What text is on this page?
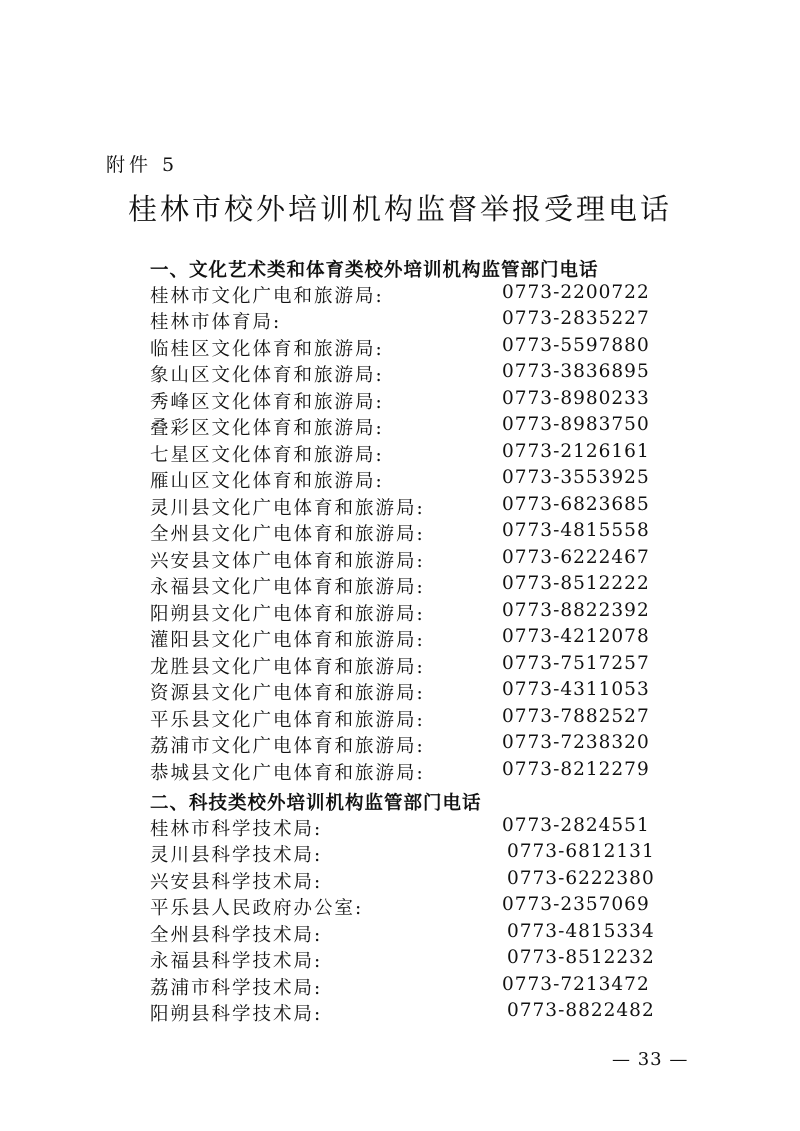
附件 5
桂林市校外培训机构监督举报受理电话
一、文化艺术类和体育类校外培训机构监管部门电话
桂林市文化广电和旅游局:	0773-2200722
桂林市体育局:	0773-2835227
临桂区文化体育和旅游局:	0773-5597880
象山区文化体育和旅游局:	0773-3836895
秀峰区文化体育和旅游局:	0773-8980233
叠彩区文化体育和旅游局:	0773-8983750
七星区文化体育和旅游局:	0773-2126161
雁山区文化体育和旅游局:	0773-3553925
灵川县文化广电体育和旅游局:	0773-6823685
全州县文化广电体育和旅游局:	0773-4815558
兴安县文体广电体育和旅游局:	0773-6222467
永福县文化广电体育和旅游局:	0773-8512222
阳朔县文化广电体育和旅游局:	0773-8822392
灌阳县文化广电体育和旅游局:	0773-4212078
龙胜县文化广电体育和旅游局:	0773-7517257
资源县文化广电体育和旅游局:	0773-4311053
平乐县文化广电体育和旅游局:	0773-7882527
荔浦市文化广电体育和旅游局:	0773-7238320
恭城县文化广电体育和旅游局:	0773-8212279
二、科技类校外培训机构监管部门电话
桂林市科学技术局:	0773-2824551
灵川县科学技术局:	0773-6812131
兴安县科学技术局:	0773-6222380
平乐县人民政府办公室:	0773-2357069
全州县科学技术局:	0773-4815334
永福县科学技术局:	0773-8512232
荔浦市科学技术局:	0773-7213472
阳朔县科学技术局:	0773-8822482
— 33 —
